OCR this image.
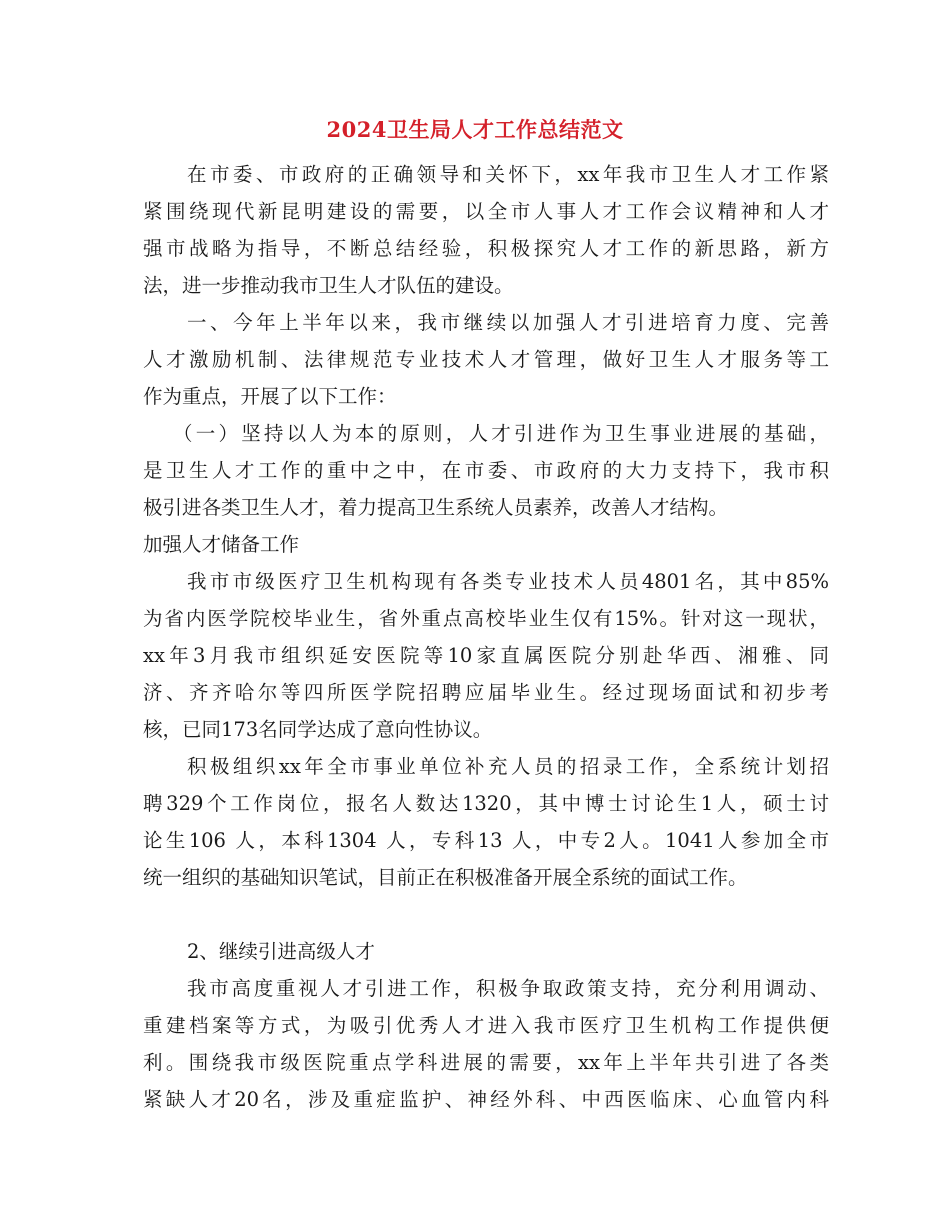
2024卫生局人才工作总结范文
在市委、市政府的正确领导和关怀下，xx年我市卫生人才工作紧
紧围绕现代新昆明建设的需要，以全市人事人才工作会议精神和人才
强市战略为指导，不断总结经验，积极探究人才工作的新思路，新方
法，进一步推动我市卫生人才队伍的建设。
一、今年上半年以来，我市继续以加强人才引进培育力度、完善
人才激励机制、法律规范专业技术人才管理，做好卫生人才服务等工
作为重点，开展了以下工作：
（一）坚持以人为本的原则，人才引进作为卫生事业进展的基础，
是卫生人才工作的重中之中，在市委、市政府的大力支持下，我市积
极引进各类卫生人才，着力提高卫生系统人员素养，改善人才结构。
加强人才储备工作
我市市级医疗卫生机构现有各类专业技术人员4801名，其中85%
为省内医学院校毕业生，省外重点高校毕业生仅有15%。针对这一现状，
xx年3月我市组织延安医院等10家直属医院分别赴华西、湘雅、同
济、齐齐哈尔等四所医学院招聘应届毕业生。经过现场面试和初步考
核，已同173名同学达成了意向性协议。
积极组织xx年全市事业单位补充人员的招录工作，全系统计划招
聘329个工作岗位，报名人数达1320，其中博士讨论生1人，硕士讨
论生106 人，本科1304 人，专科13 人，中专2人。1041人参加全市
统一组织的基础知识笔试，目前正在积极准备开展全系统的面试工作。
2、继续引进高级人才
我市高度重视人才引进工作，积极争取政策支持，充分利用调动、
重建档案等方式，为吸引优秀人才进入我市医疗卫生机构工作提供便
利。围绕我市级医院重点学科进展的需要，xx年上半年共引进了各类
紧缺人才20名，涉及重症监护、神经外科、中西医临床、心血管内科
